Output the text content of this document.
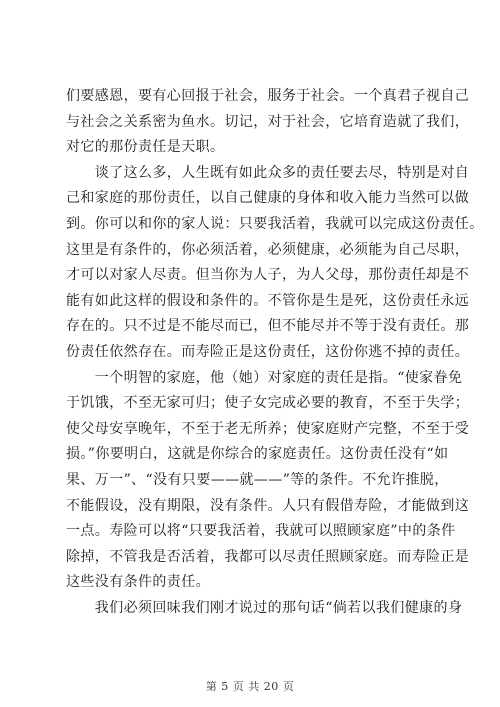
们要感恩，要有心回报于社会，服务于社会。一个真君子视自己
与社会之关系密为鱼水。切记，对于社会，它培育造就了我们，
对它的那份责任是天职。

　　谈了这么多，人生既有如此众多的责任要去尽，特别是对自
己和家庭的那份责任，以自己健康的身体和收入能力当然可以做
到。你可以和你的家人说：只要我活着，我就可以完成这份责任。
这里是有条件的，你必须活着，必须健康，必须能为自己尽职，
才可以对家人尽责。但当你为人子，为人父母，那份责任却是不
能有如此这样的假设和条件的。不管你是生是死，这份责任永远
存在的。只不过是不能尽而已，但不能尽并不等于没有责任。那
份责任依然存在。而寿险正是这份责任，这份你逃不掉的责任。

　　一个明智的家庭，他（她）对家庭的责任是指。“使家眷免
于饥饿，不至无家可归；使子女完成必要的教育，不至于失学；
使父母安享晚年，不至于老无所养；使家庭财产完整，不至于受
损。”你要明白，这就是你综合的家庭责任。这份责任没有“如
果、万一”、“没有只要——就——”等的条件。不允许推脱，
不能假设，没有期限，没有条件。人只有假借寿险，才能做到这
一点。寿险可以将“只要我活着，我就可以照顾家庭”中的条件
除掉，不管我是否活着，我都可以尽责任照顾家庭。而寿险正是
这些没有条件的责任。

　　我们必须回味我们刚才说过的那句话“倘若以我们健康的身

第 5 页 共 20 页
